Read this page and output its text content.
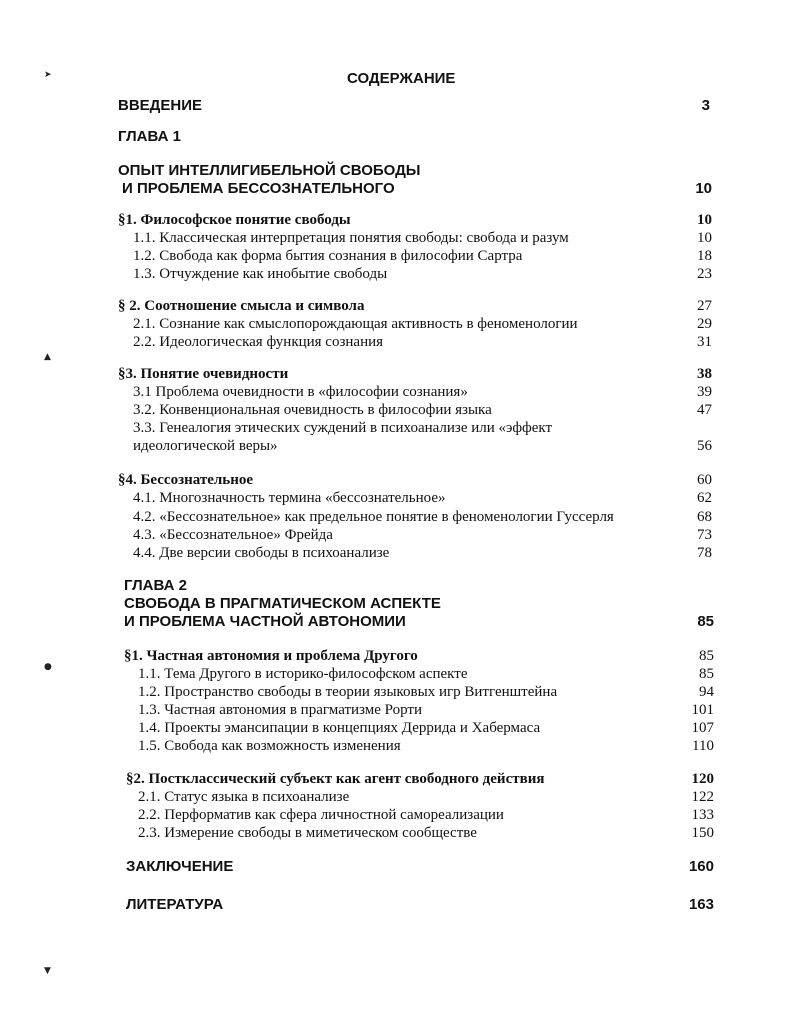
➤
▲
●
▼
СОДЕРЖАНИЕ
ВВЕДЕНИЕ	3
ГЛАВА 1
ОПЫТ ИНТЕЛЛИГИБЕЛЬНОЙ СВОБОДЫ
И ПРОБЛЕМА БЕССОЗНАТЕЛЬНОГО	10
§1. Философское понятие свободы	10
1.1. Классическая интерпретация понятия свободы: свобода и разум	10
1.2. Свобода как форма бытия сознания в философии Сартра	18
1.3. Отчуждение как инобытие свободы	23
§ 2. Соотношение смысла и символа	27
2.1. Сознание как смыслопорождающая активность в феноменологии	29
2.2. Идеологическая функция сознания	31
§3. Понятие очевидности	38
3.1 Проблема очевидности в «философии сознания»	39
3.2. Конвенциональная очевидность в философии языка	47
3.3. Генеалогия этических суждений в психоанализе или «эффект
идеологической веры»	56
§4. Бессознательное	60
4.1. Многозначность термина «бессознательное»	62
4.2. «Бессознательное» как предельное понятие в феноменологии Гуссерля	68
4.3. «Бессознательное» Фрейда	73
4.4. Две версии свободы в психоанализе	78
ГЛАВА 2
СВОБОДА В ПРАГМАТИЧЕСКОМ АСПЕКТЕ
И ПРОБЛЕМА ЧАСТНОЙ АВТОНОМИИ	85
§1. Частная автономия и проблема Другого	85
1.1. Тема Другого в историко-философском аспекте	85
1.2. Пространство свободы в теории языковых игр Витгенштейна	94
1.3. Частная автономия в прагматизме Рорти	101
1.4. Проекты эмансипации в концепциях Деррида и Хабермаса	107
1.5. Свобода как возможность изменения	110
§2. Постклассический субъект как агент свободного действия	120
2.1. Статус языка в психоанализе	122
2.2. Перформатив как сфера личностной самореализации	133
2.3. Измерение свободы в миметическом сообществе	150
ЗАКЛЮЧЕНИЕ	160
ЛИТЕРАТУРА	163
